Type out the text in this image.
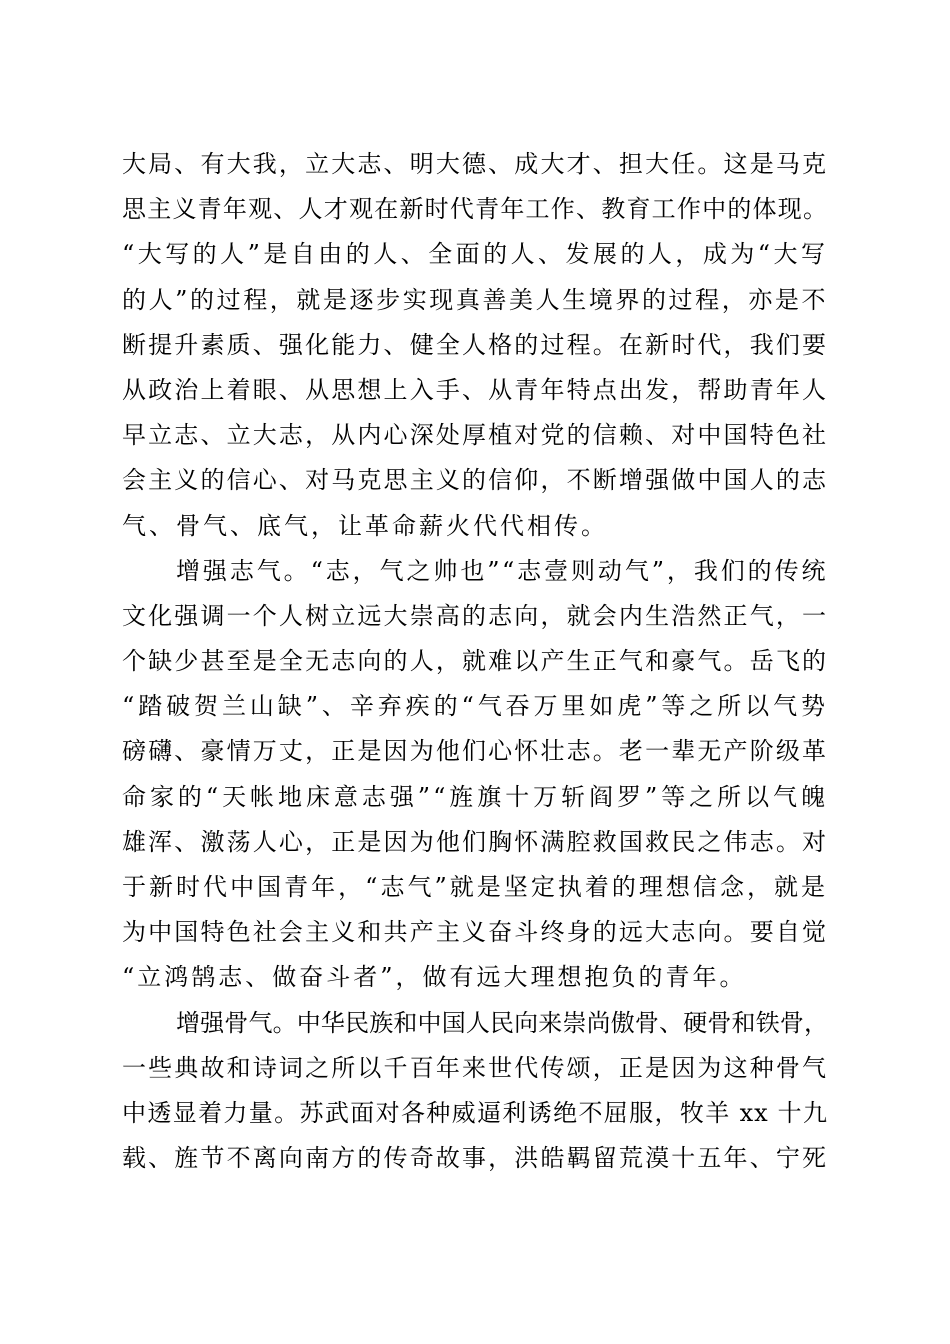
大局、有大我，立大志、明大德、成大才、担大任。这是马克
思主义青年观、人才观在新时代青年工作、教育工作中的体现。
“大写的人”是自由的人、全面的人、发展的人，成为“大写
的人”的过程，就是逐步实现真善美人生境界的过程，亦是不
断提升素质、强化能力、健全人格的过程。在新时代，我们要
从政治上着眼、从思想上入手、从青年特点出发，帮助青年人
早立志、立大志，从内心深处厚植对党的信赖、对中国特色社
会主义的信心、对马克思主义的信仰，不断增强做中国人的志
气、骨气、底气，让革命薪火代代相传。
增强志气。“志，气之帅也”“志壹则动气”，我们的传统
文化强调一个人树立远大崇高的志向，就会内生浩然正气，一
个缺少甚至是全无志向的人，就难以产生正气和豪气。岳飞的
“踏破贺兰山缺”、辛弃疾的“气吞万里如虎”等之所以气势
磅礴、豪情万丈，正是因为他们心怀壮志。老一辈无产阶级革
命家的“天帐地床意志强”“旌旗十万斩阎罗”等之所以气魄
雄浑、激荡人心，正是因为他们胸怀满腔救国救民之伟志。对
于新时代中国青年，“志气”就是坚定执着的理想信念，就是
为中国特色社会主义和共产主义奋斗终身的远大志向。要自觉
“立鸿鹄志、做奋斗者”，做有远大理想抱负的青年。
增强骨气。中华民族和中国人民向来崇尚傲骨、硬骨和铁骨，
一些典故和诗词之所以千百年来世代传颂，正是因为这种骨气
中透显着力量。苏武面对各种威逼利诱绝不屈服，牧羊 xx 十九
载、旌节不离向南方的传奇故事，洪皓羁留荒漠十五年、宁死
